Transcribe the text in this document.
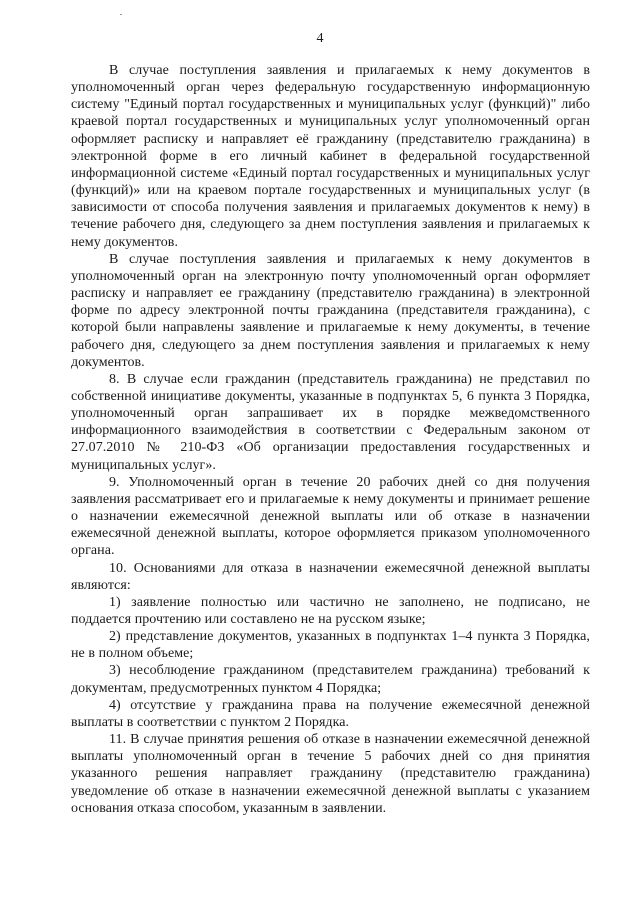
4

В случае поступления заявления и прилагаемых к нему документов в уполномоченный орган через федеральную государственную информационную систему "Единый портал государственных и муниципальных услуг (функций)" либо краевой портал государственных и муниципальных услуг уполномоченный орган оформляет расписку и направляет её гражданину (представителю гражданина) в электронной форме в его личный кабинет в федеральной государственной информационной системе «Единый портал государственных и муниципальных услуг (функций)» или на краевом портале государственных и муниципальных услуг (в зависимости от способа получения заявления и прилагаемых документов к нему) в течение рабочего дня, следующего за днем поступления заявления и прилагаемых к нему документов.

В случае поступления заявления и прилагаемых к нему документов в уполномоченный орган на электронную почту уполномоченный орган оформляет расписку и направляет ее гражданину (представителю гражданина) в электронной форме по адресу электронной почты гражданина (представителя гражданина), с которой были направлены заявление и прилагаемые к нему документы, в течение рабочего дня, следующего за днем поступления заявления и прилагаемых к нему документов.

8. В случае если гражданин (представитель гражданина) не представил по собственной инициативе документы, указанные в подпунктах 5, 6 пункта 3 Порядка, уполномоченный орган запрашивает их в порядке межведомственного информационного взаимодействия в соответствии с Федеральным законом от 27.07.2010 № 210-ФЗ «Об организации предоставления государственных и муниципальных услуг».

9. Уполномоченный орган в течение 20 рабочих дней со дня получения заявления рассматривает его и прилагаемые к нему документы и принимает решение о назначении ежемесячной денежной выплаты или об отказе в назначении ежемесячной денежной выплаты, которое оформляется приказом уполномоченного органа.

10. Основаниями для отказа в назначении ежемесячной денежной выплаты являются:

1) заявление полностью или частично не заполнено, не подписано, не поддается прочтению или составлено не на русском языке;

2) представление документов, указанных в подпунктах 1–4 пункта 3 Порядка, не в полном объеме;

3) несоблюдение гражданином (представителем гражданина) требований к документам, предусмотренных пунктом 4 Порядка;

4) отсутствие у гражданина права на получение ежемесячной денежной выплаты в соответствии с пунктом 2 Порядка.

11. В случае принятия решения об отказе в назначении ежемесячной денежной выплаты уполномоченный орган в течение 5 рабочих дней со дня принятия указанного решения направляет гражданину (представителю гражданина) уведомление об отказе в назначении ежемесячной денежной выплаты с указанием основания отказа способом, указанным в заявлении.
